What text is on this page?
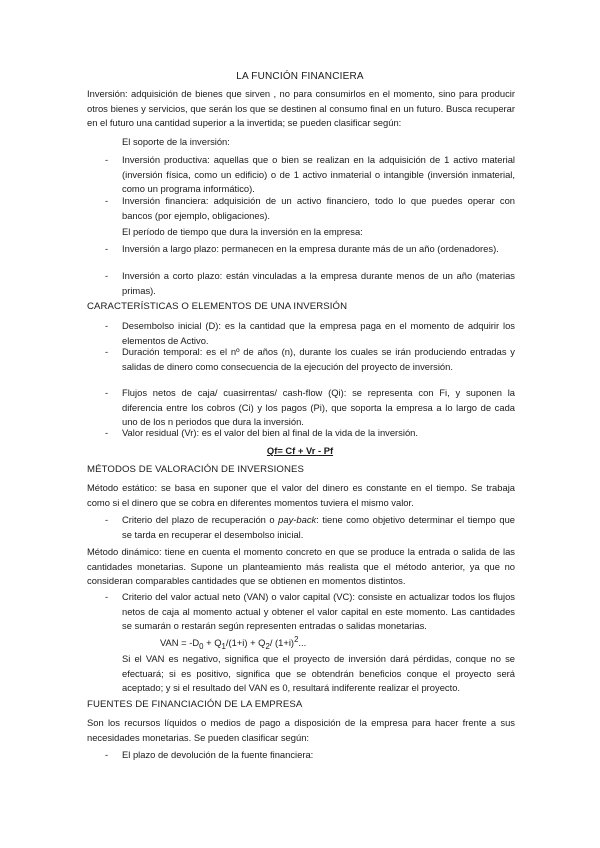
LA FUNCIÓN FINANCIERA
Inversión: adquisición de bienes que sirven , no para consumirlos en el momento, sino para producir otros bienes y servicios, que serán los que se destinen al consumo final en un futuro. Busca recuperar en el futuro una cantidad superior a la invertida; se pueden clasificar según:
El soporte de la inversión:
-	Inversión productiva: aquellas que o bien se realizan en la adquisición de 1 activo material (inversión física, como un edificio) o de 1 activo inmaterial o intangible (inversión inmaterial, como un programa informático).
-	Inversión financiera: adquisición de un activo financiero, todo lo que puedes operar con bancos (por ejemplo, obligaciones).
El período de tiempo que dura la inversión en la empresa:
-	Inversión a largo plazo: permanecen en la empresa durante más de un año (ordenadores).
-	Inversión a corto plazo: están vinculadas a la empresa durante menos de un año (materias primas).
CARACTERÍSTICAS O ELEMENTOS DE UNA INVERSIÓN
-	Desembolso inicial (D): es la cantidad que la empresa paga en el momento de adquirir los elementos de Activo.
-	Duración temporal: es el nº de años (n), durante los cuales se irán produciendo entradas y salidas de dinero como consecuencia de la ejecución del proyecto de inversión.
-	Flujos netos de caja/ cuasirrentas/ cash-flow (Qi): se representa con Fi, y suponen la diferencia entre los cobros (Ci) y los pagos (Pi), que soporta la empresa a lo largo de cada uno de los n periodos que dura la inversión.
-	Valor residual (Vr): es el valor del bien al final de la vida de la inversión.
Qf= Cf + Vr - Pf
MÉTODOS DE VALORACIÓN DE INVERSIONES
Método estático: se basa en suponer que el valor del dinero es constante en el tiempo. Se trabaja como si el dinero que se cobra en diferentes momentos tuviera el mismo valor.
-	Criterio del plazo de recuperación o pay-back: tiene como objetivo determinar el tiempo que se tarda en recuperar el desembolso inicial.
Método dinámico: tiene en cuenta el momento concreto en que se produce la entrada o salida de las cantidades monetarias. Supone un planteamiento más realista que el método anterior, ya que no consideran comparables cantidades que se obtienen en momentos distintos.
-	Criterio del valor actual neto (VAN) o valor capital (VC): consiste en actualizar todos los flujos netos de caja al momento actual y obtener el valor capital en este momento. Las cantidades se sumarán o restarán según representen entradas o salidas monetarias.
VAN = $-D_0 + Q_1/(1+i) + Q_2/$ $(1+i)^2$...
Si el VAN es negativo, significa que el proyecto de inversión dará pérdidas, conque no se efectuará; si es positivo, significa que se obtendrán beneficios conque el proyecto será aceptado; y si el resultado del VAN es 0, resultará indiferente realizar el proyecto.
FUENTES DE FINANCIACIÓN DE LA EMPRESA
Son los recursos líquidos o medios de pago a disposición de la empresa para hacer frente a sus necesidades monetarias. Se pueden clasificar según:
-	El plazo de devolución de la fuente financiera:
